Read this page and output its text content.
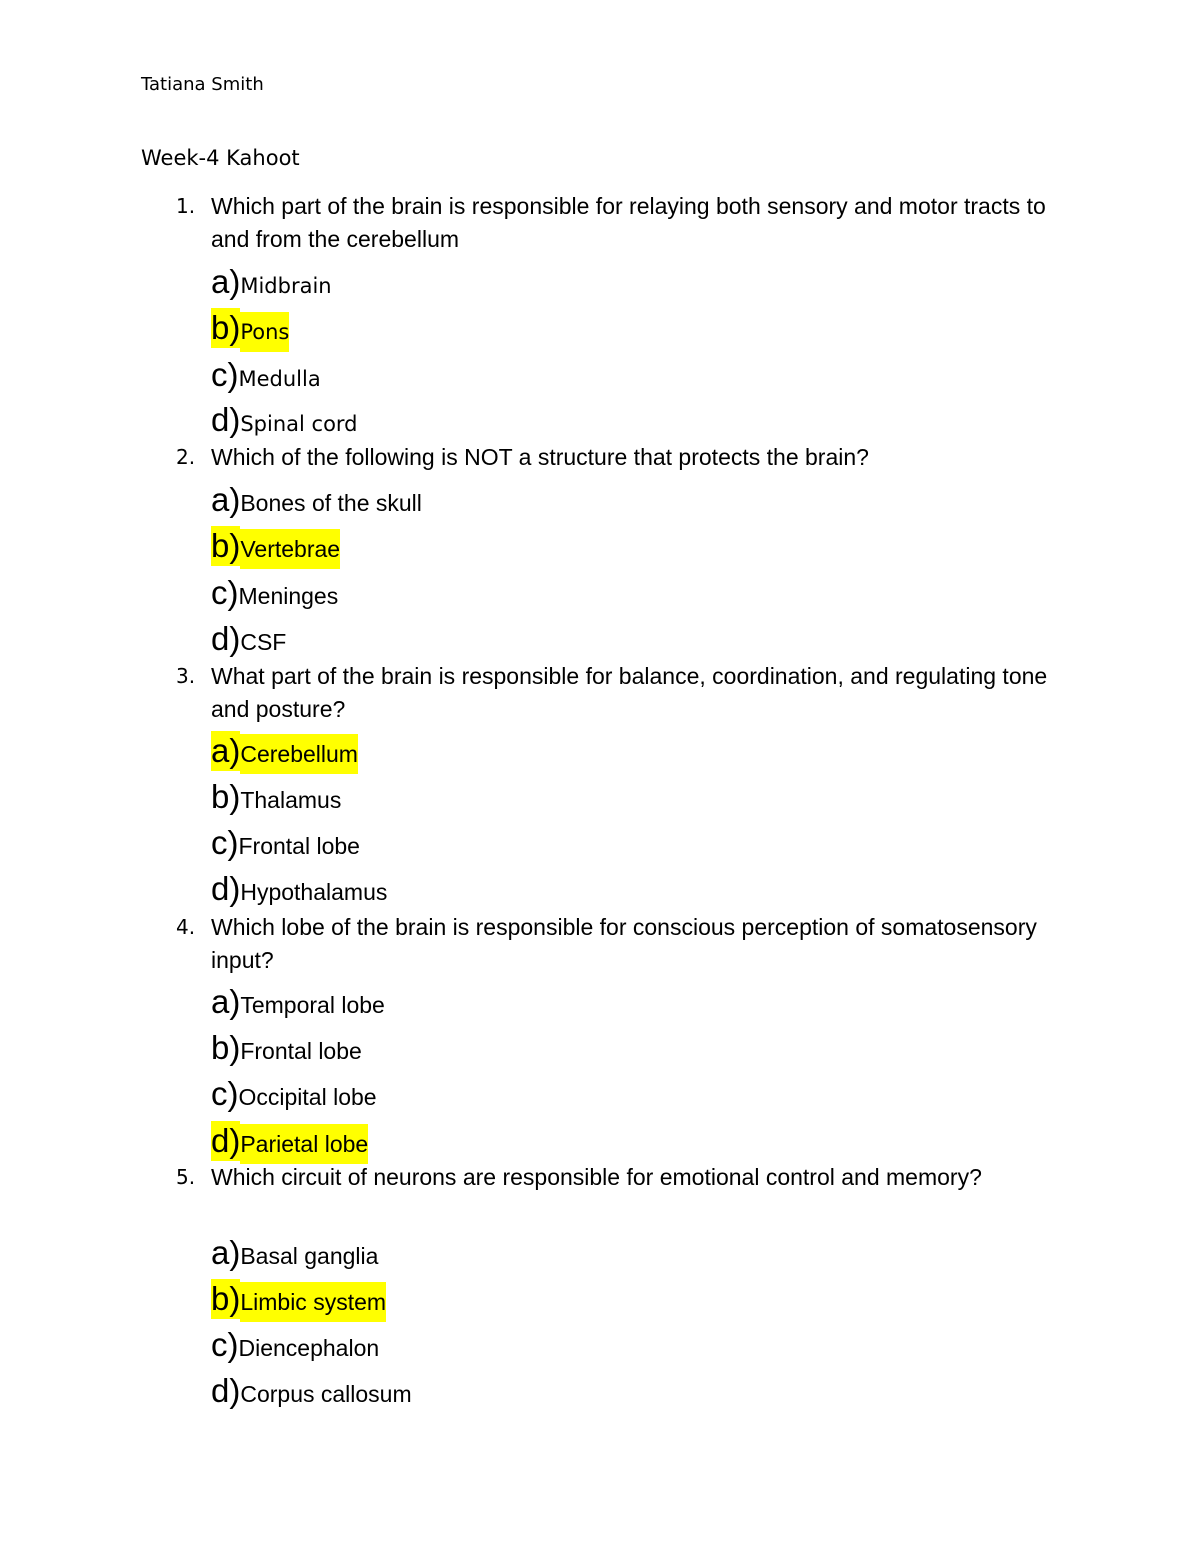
Tatiana Smith
Week-4 Kahoot
1. Which part of the brain is responsible for relaying both sensory and motor tracts to and from the cerebellum
a) Midbrain
b) Pons
c) Medulla
d) Spinal cord
2. Which of the following is NOT a structure that protects the brain?
a) Bones of the skull
b) Vertebrae
c) Meninges
d) CSF
3. What part of the brain is responsible for balance, coordination, and regulating tone and posture?
a) Cerebellum
b) Thalamus
c) Frontal lobe
d) Hypothalamus
4. Which lobe of the brain is responsible for conscious perception of somatosensory input?
a) Temporal lobe
b) Frontal lobe
c) Occipital lobe
d) Parietal lobe
5. Which circuit of neurons are responsible for emotional control and memory?
a) Basal ganglia
b) Limbic system
c) Diencephalon
d) Corpus callosum
